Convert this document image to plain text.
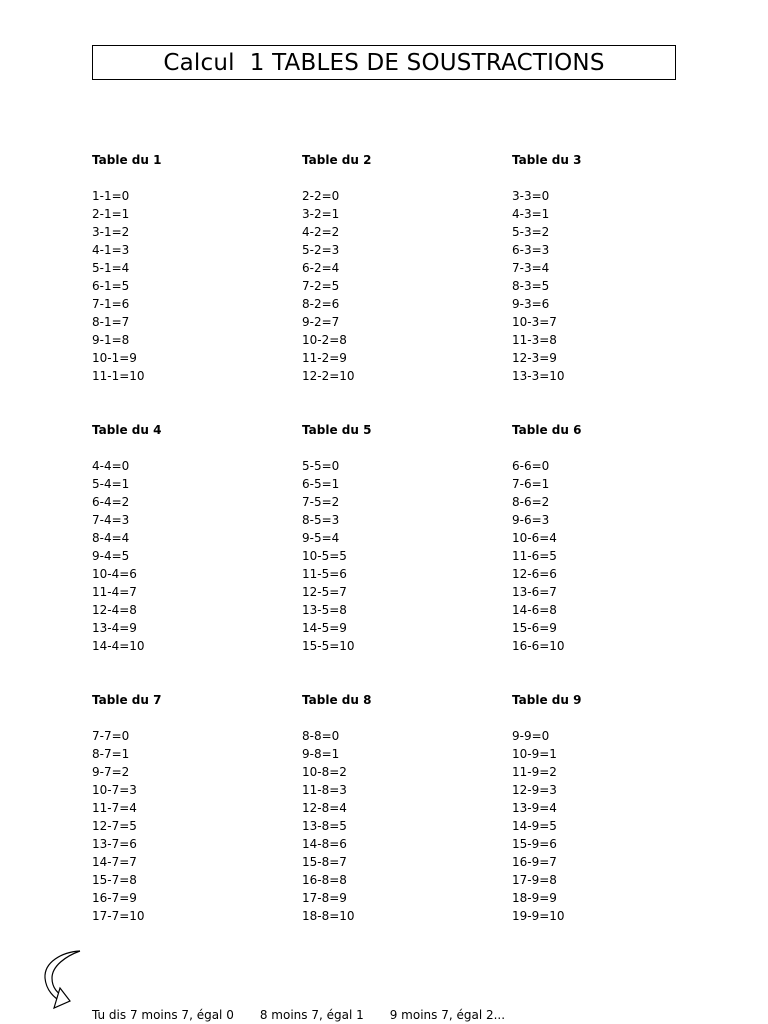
Calcul  1 TABLES DE SOUSTRACTIONS
Table du 1
1-1=0
2-1=1
3-1=2
4-1=3
5-1=4
6-1=5
7-1=6
8-1=7
9-1=8
10-1=9
11-1=10
Table du 2
2-2=0
3-2=1
4-2=2
5-2=3
6-2=4
7-2=5
8-2=6
9-2=7
10-2=8
11-2=9
12-2=10
Table du 3
3-3=0
4-3=1
5-3=2
6-3=3
7-3=4
8-3=5
9-3=6
10-3=7
11-3=8
12-3=9
13-3=10
Table du 4
4-4=0
5-4=1
6-4=2
7-4=3
8-4=4
9-4=5
10-4=6
11-4=7
12-4=8
13-4=9
14-4=10
Table du 5
5-5=0
6-5=1
7-5=2
8-5=3
9-5=4
10-5=5
11-5=6
12-5=7
13-5=8
14-5=9
15-5=10
Table du 6
6-6=0
7-6=1
8-6=2
9-6=3
10-6=4
11-6=5
12-6=6
13-6=7
14-6=8
15-6=9
16-6=10
Table du 7
7-7=0
8-7=1
9-7=2
10-7=3
11-7=4
12-7=5
13-7=6
14-7=7
15-7=8
16-7=9
17-7=10
Table du 8
8-8=0
9-8=1
10-8=2
11-8=3
12-8=4
13-8=5
14-8=6
15-8=7
16-8=8
17-8=9
18-8=10
Table du 9
9-9=0
10-9=1
11-9=2
12-9=3
13-9=4
14-9=5
15-9=6
16-9=7
17-9=8
18-9=9
19-9=10
Tu dis 7 moins 7, égal 0 8 moins 7, égal 1 9 moins 7, égal 2...
